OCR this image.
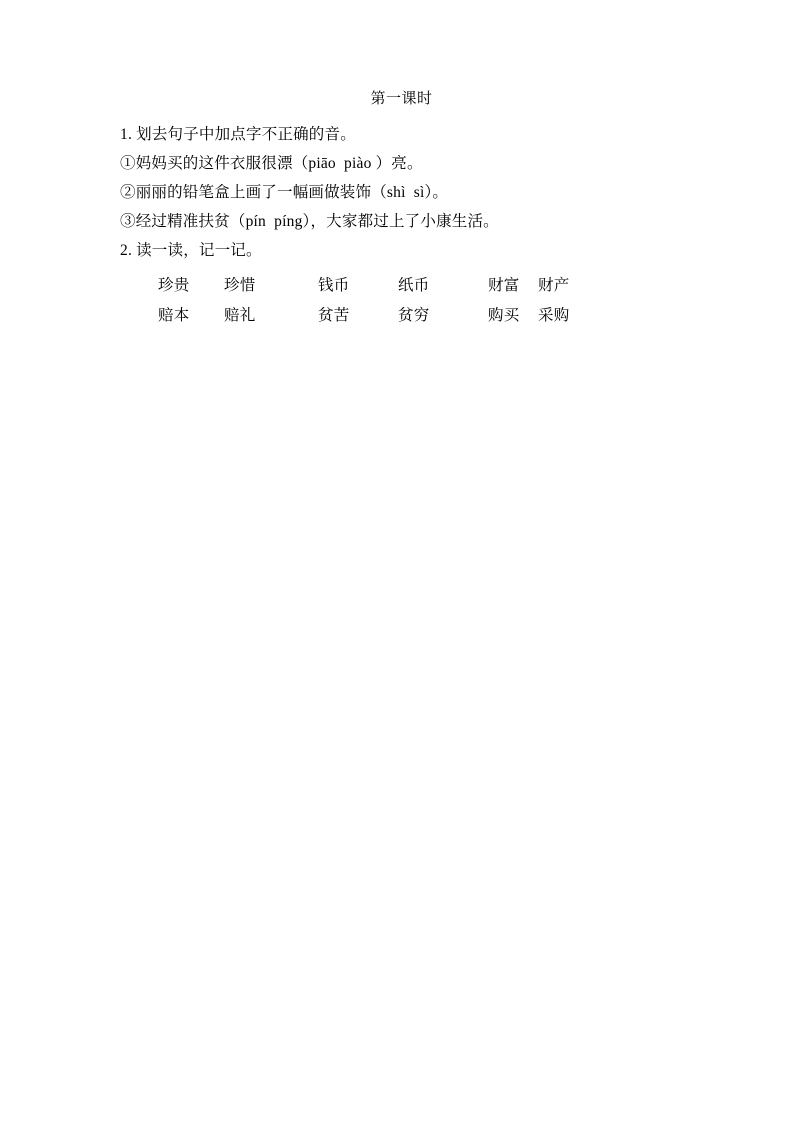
第一课时

1. 划去句子中加点字不正确的音。

①妈妈买的这件衣服很漂（piāo  piào ）亮。

②丽丽的铅笔盒上画了一幅画做装饰（shì  sì）。

③经过精准扶贫（pín  píng），大家都过上了小康生活。

2. 读一读，记一记。

珍贵	珍惜	钱币	纸币	财富	财产
赔本	赔礼	贫苦	贫穷	购买	采购
